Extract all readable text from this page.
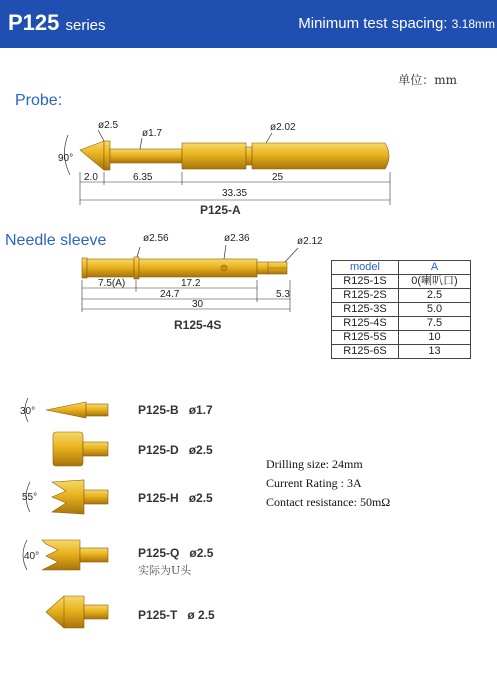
P125 series	Minimum test spacing: 3.18mm
单位：mm
Probe:
ø2.5
ø1.7
ø2.02
90°
2.0	6.35	25
33.35
ø2.56	ø2.36	ø2.12
7.5(A)	17.2
24.7	5.3
30
30°
55°
40°
P125-A
Needle sleeve
R125-4S
model	A
R125-1S	0(喇叭口)
R125-2S	2.5
R125-3S	5.0
R125-4S	7.5
R125-5S	10
R125-6S	13
P125-B ø1.7
P125-D ø2.5
P125-H ø2.5
P125-Q ø2.5
实际为U头
P125-T ø 2.5
Drilling size: 24mm
Current Rating : 3A
Contact resistance: 50mΩ
